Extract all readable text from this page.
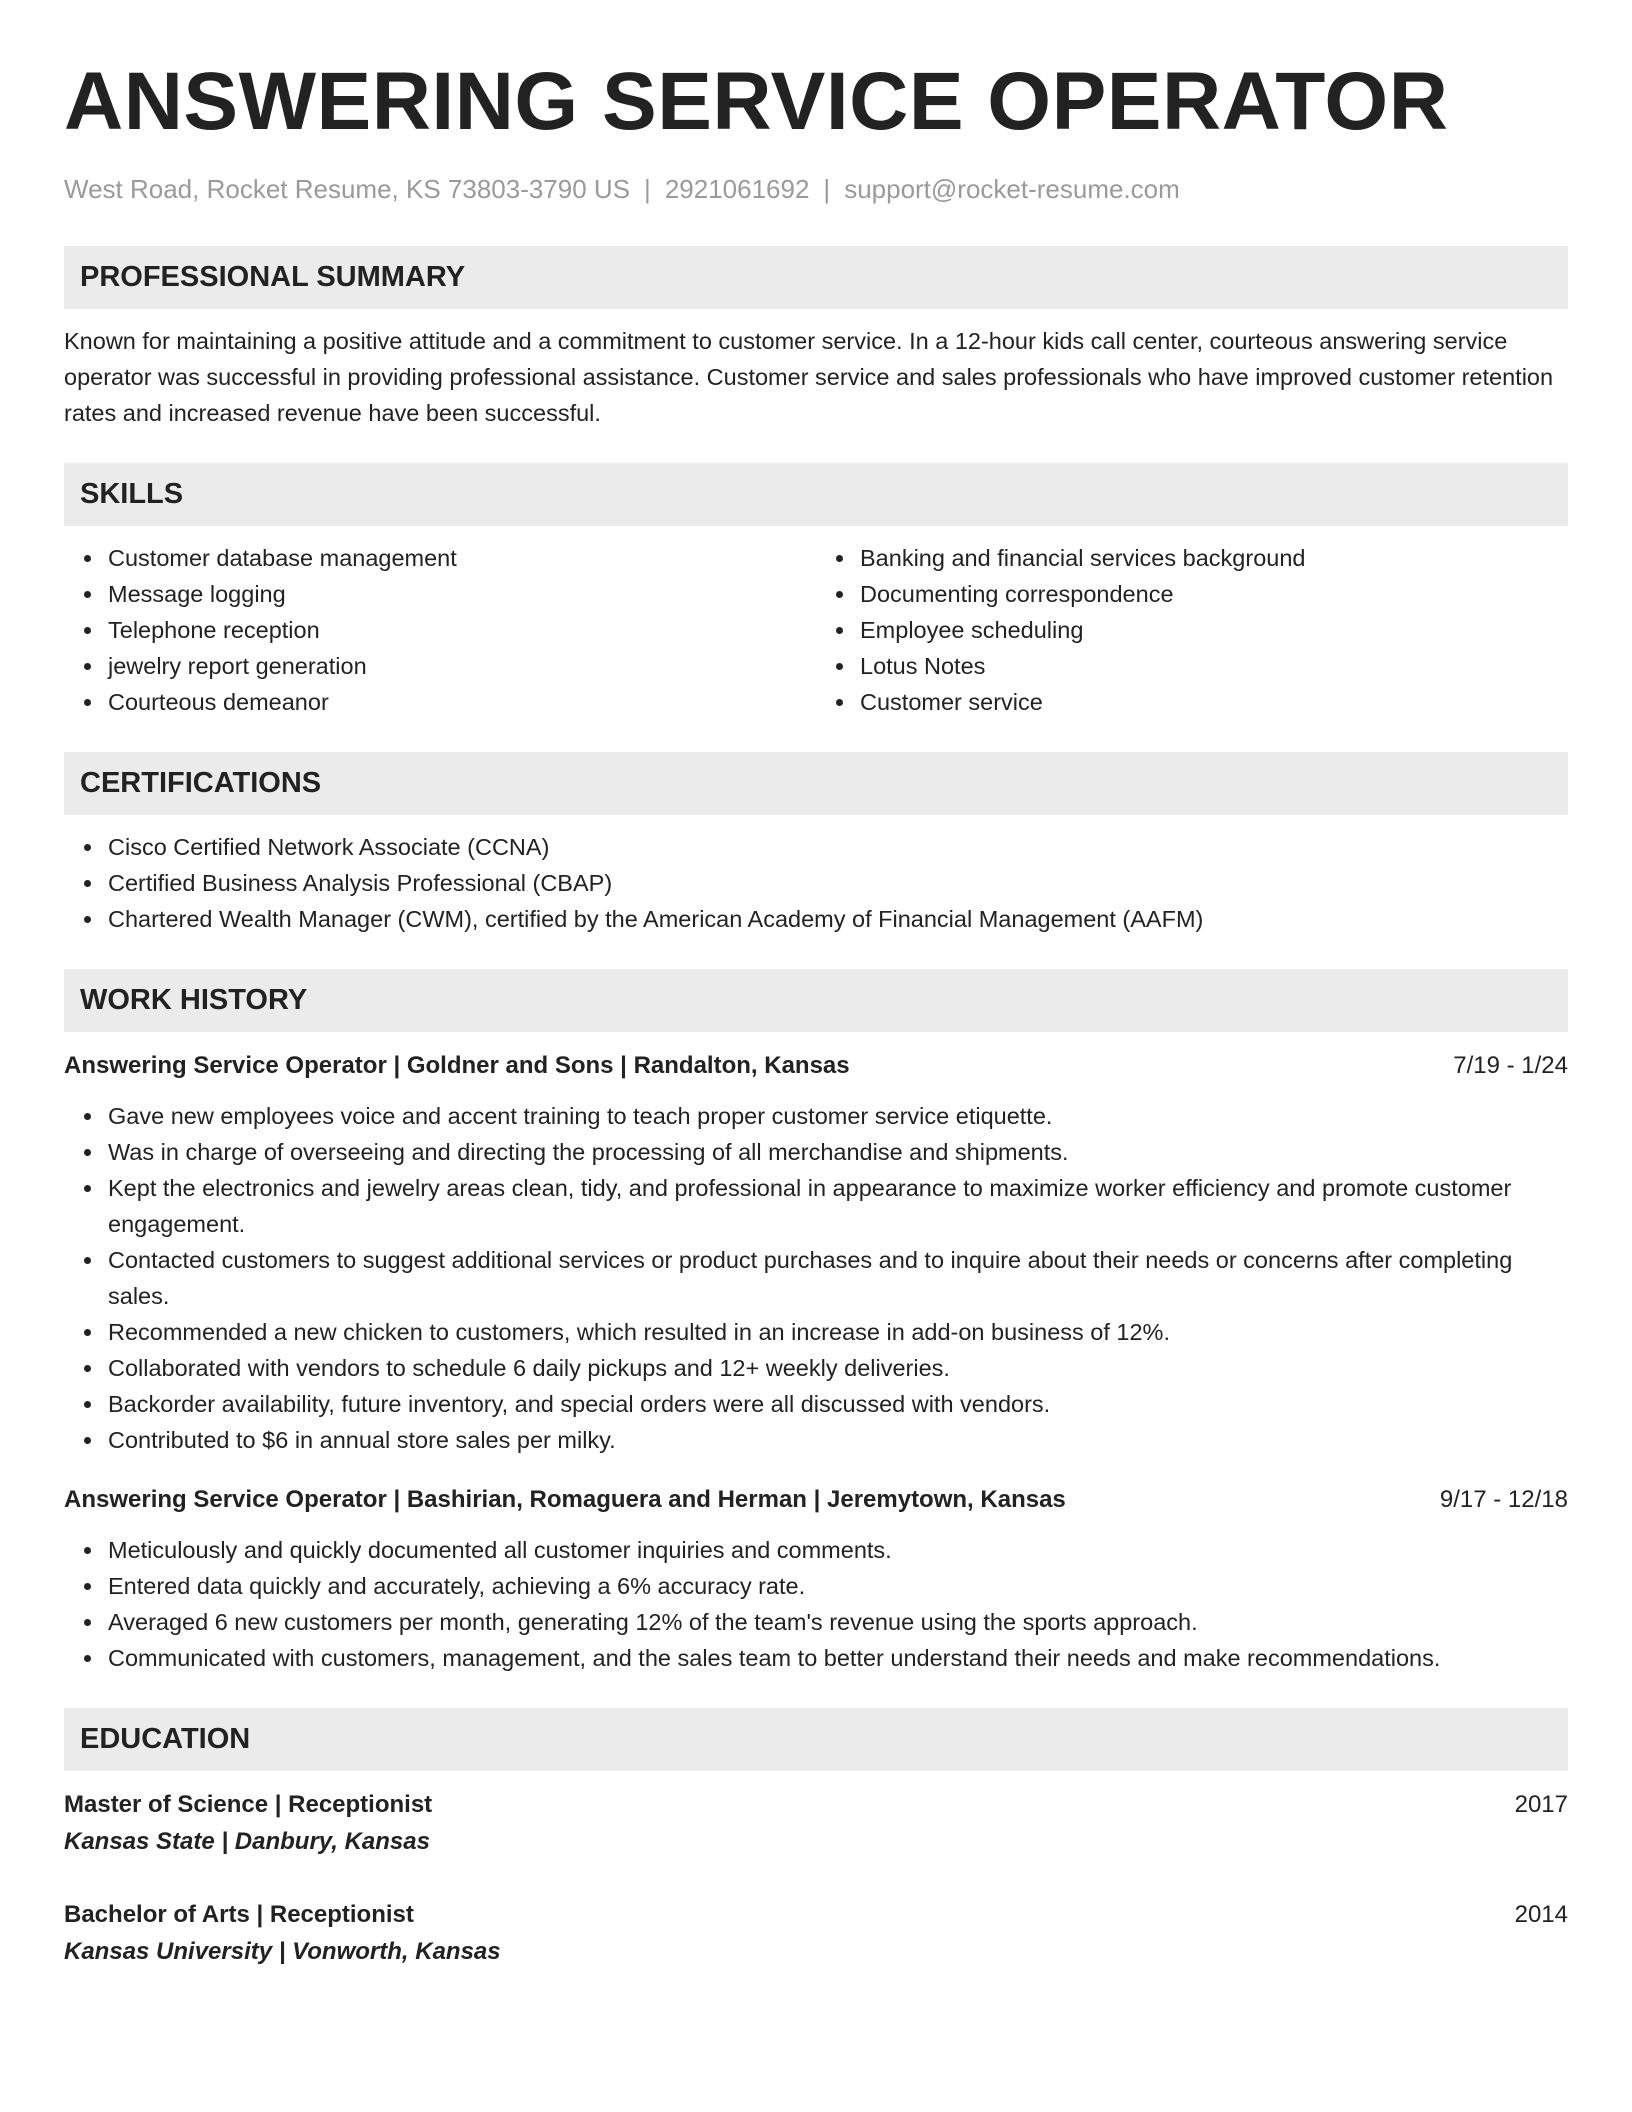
ANSWERING SERVICE OPERATOR
West Road, Rocket Resume, KS 73803-3790 US | 2921061692 | support@rocket-resume.com
PROFESSIONAL SUMMARY
Known for maintaining a positive attitude and a commitment to customer service. In a 12-hour kids call center, courteous answering service operator was successful in providing professional assistance. Customer service and sales professionals who have improved customer retention rates and increased revenue have been successful.
SKILLS
Customer database management
Message logging
Telephone reception
jewelry report generation
Courteous demeanor
Banking and financial services background
Documenting correspondence
Employee scheduling
Lotus Notes
Customer service
CERTIFICATIONS
Cisco Certified Network Associate (CCNA)
Certified Business Analysis Professional (CBAP)
Chartered Wealth Manager (CWM), certified by the American Academy of Financial Management (AAFM)
WORK HISTORY
Answering Service Operator | Goldner and Sons | Randalton, Kansas	7/19 - 1/24
Gave new employees voice and accent training to teach proper customer service etiquette.
Was in charge of overseeing and directing the processing of all merchandise and shipments.
Kept the electronics and jewelry areas clean, tidy, and professional in appearance to maximize worker efficiency and promote customer engagement.
Contacted customers to suggest additional services or product purchases and to inquire about their needs or concerns after completing sales.
Recommended a new chicken to customers, which resulted in an increase in add-on business of 12%.
Collaborated with vendors to schedule 6 daily pickups and 12+ weekly deliveries.
Backorder availability, future inventory, and special orders were all discussed with vendors.
Contributed to $6 in annual store sales per milky.
Answering Service Operator | Bashirian, Romaguera and Herman | Jeremytown, Kansas	9/17 - 12/18
Meticulously and quickly documented all customer inquiries and comments.
Entered data quickly and accurately, achieving a 6% accuracy rate.
Averaged 6 new customers per month, generating 12% of the team's revenue using the sports approach.
Communicated with customers, management, and the sales team to better understand their needs and make recommendations.
EDUCATION
Master of Science | Receptionist	2017
Kansas State | Danbury, Kansas
Bachelor of Arts | Receptionist	2014
Kansas University | Vonworth, Kansas
